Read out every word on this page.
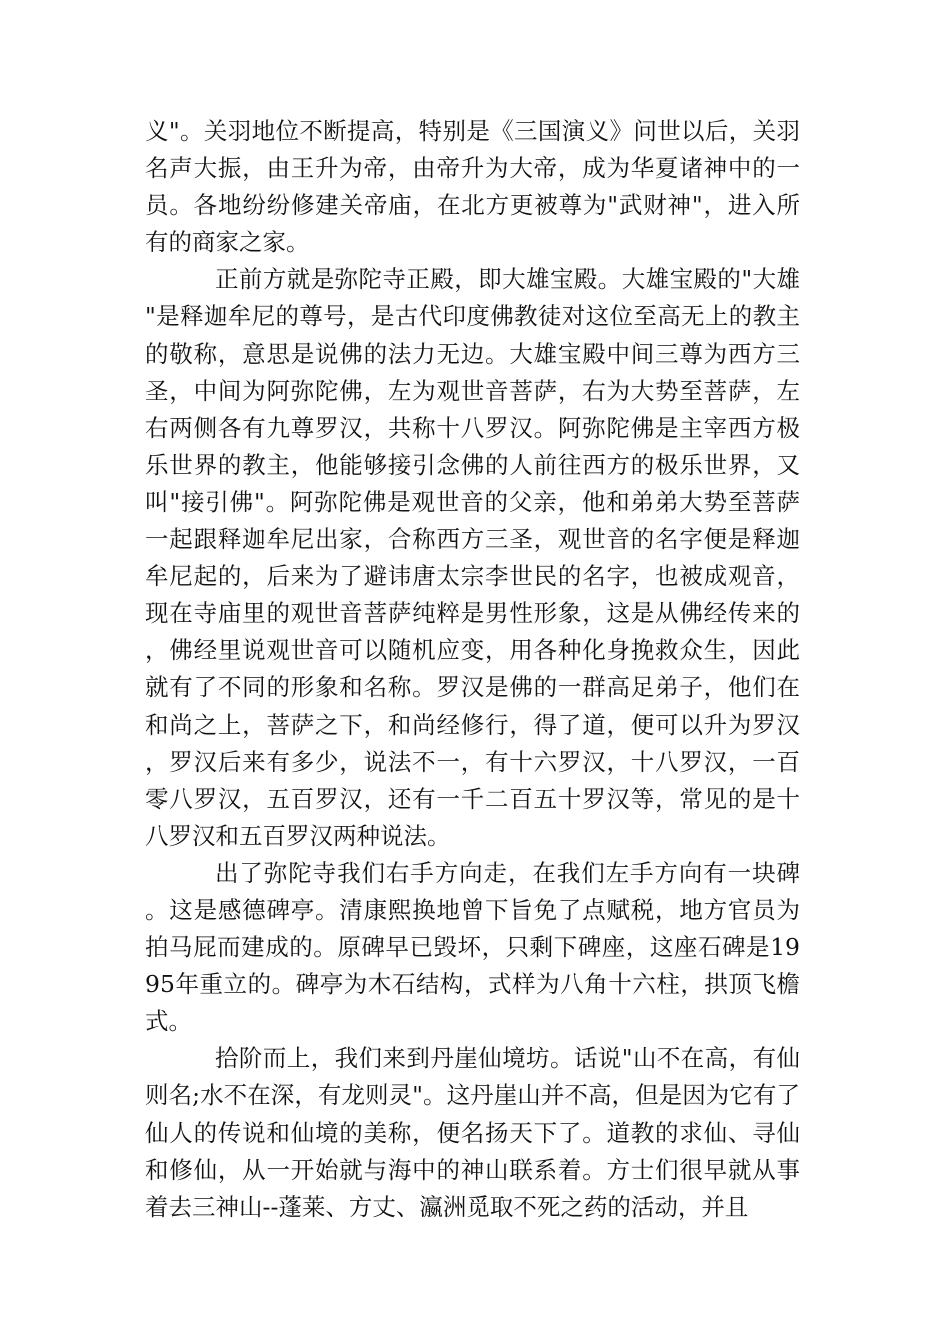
义"。关羽地位不断提高，特别是《三国演义》问世以后，关羽名声大振，由王升为帝，由帝升为大帝，成为华夏诸神中的一员。各地纷纷修建关帝庙，在北方更被尊为"武财神"，进入所有的商家之家。

正前方就是弥陀寺正殿，即大雄宝殿。大雄宝殿的"大雄"是释迦牟尼的尊号，是古代印度佛教徒对这位至高无上的教主的敬称，意思是说佛的法力无边。大雄宝殿中间三尊为西方三圣，中间为阿弥陀佛，左为观世音菩萨，右为大势至菩萨，左右两侧各有九尊罗汉，共称十八罗汉。阿弥陀佛是主宰西方极乐世界的教主，他能够接引念佛的人前往西方的极乐世界，又叫"接引佛"。阿弥陀佛是观世音的父亲，他和弟弟大势至菩萨一起跟释迦牟尼出家，合称西方三圣，观世音的名字便是释迦牟尼起的，后来为了避讳唐太宗李世民的名字，也被成观音，现在寺庙里的观世音菩萨纯粹是男性形象，这是从佛经传来的，佛经里说观世音可以随机应变，用各种化身挽救众生，因此就有了不同的形象和名称。罗汉是佛的一群高足弟子，他们在和尚之上，菩萨之下，和尚经修行，得了道，便可以升为罗汉，罗汉后来有多少，说法不一，有十六罗汉，十八罗汉，一百零八罗汉，五百罗汉，还有一千二百五十罗汉等，常见的是十八罗汉和五百罗汉两种说法。

出了弥陀寺我们右手方向走，在我们左手方向有一块碑。这是感德碑亭。清康熙换地曾下旨免了点赋税，地方官员为拍马屁而建成的。原碑早已毁坏，只剩下碑座，这座石碑是1995年重立的。碑亭为木石结构，式样为八角十六柱，拱顶飞檐式。

拾阶而上，我们来到丹崖仙境坊。话说"山不在高，有仙则名;水不在深，有龙则灵"。这丹崖山并不高，但是因为它有了仙人的传说和仙境的美称，便名扬天下了。道教的求仙、寻仙和修仙，从一开始就与海中的神山联系着。方士们很早就从事着去三神山--蓬莱、方丈、瀛洲觅取不死之药的活动，并且
